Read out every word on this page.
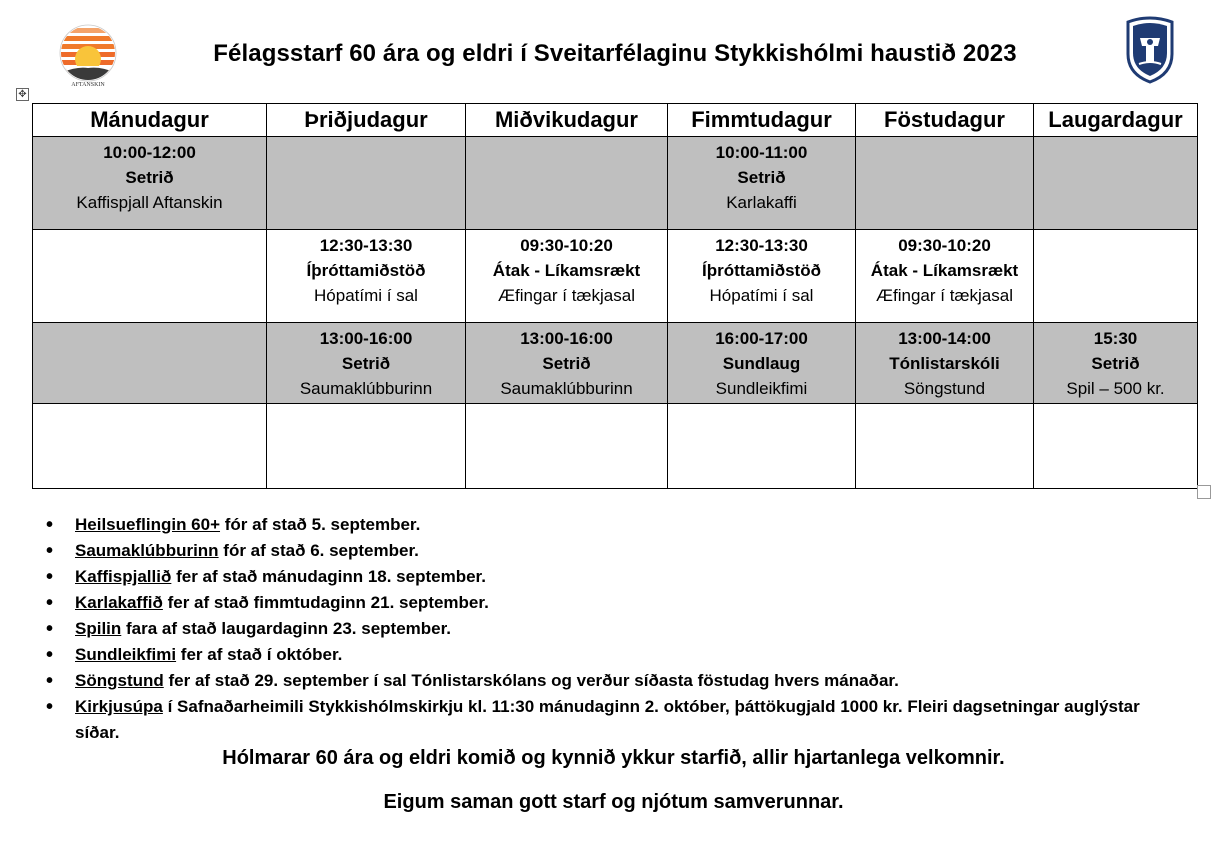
AFTANSKIN
Félagsstarf 60 ára og eldri í Sveitarfélaginu Stykkishólmi haustið 2023
✥
Mánudagur	Þriðjudagur	Miðvikudagur	Fimmtudagur	Föstudagur	Laugardagur

10:00-12:00
Setrið
Kaffispjall Aftanskin			10:00-11:00
Setrið
Karlakaffi		

	12:30-13:30
Íþróttamiðstöð
Hópatími í sal	09:30-10:20
Átak - Líkamsrækt
Æfingar í tækjasal	12:30-13:30
Íþróttamiðstöð
Hópatími í sal	09:30-10:20
Átak - Líkamsrækt
Æfingar í tækjasal	

	13:00-16:00
Setrið
Saumaklúbburinn	13:00-16:00
Setrið
Saumaklúbburinn	16:00-17:00
Sundlaug
Sundleikfimi	13:00-14:00
Tónlistarskóli
Söngstund	15:30
Setrið
Spil – 500 kr.

• Heilsueflingin 60+ fór af stað 5. september.
• Saumaklúbburinn fór af stað 6. september.
• Kaffispjallið fer af stað mánudaginn 18. september.
• Karlakaffið fer af stað fimmtudaginn 21. september.
• Spilin fara af stað laugardaginn 23. september.
• Sundleikfimi fer af stað í október.
• Söngstund fer af stað 29. september í sal Tónlistarskólans og verður síðasta föstudag hvers mánaðar.
• Kirkjusúpa í Safnaðarheimili Stykkishólmskirkju kl. 11:30 mánudaginn 2. október, þáttökugjald 1000 kr. Fleiri dagsetningar auglýstar síðar.
Hólmarar 60 ára og eldri komið og kynnið ykkur starfið, allir hjartanlega velkomnir.
Eigum saman gott starf og njótum samverunnar.
